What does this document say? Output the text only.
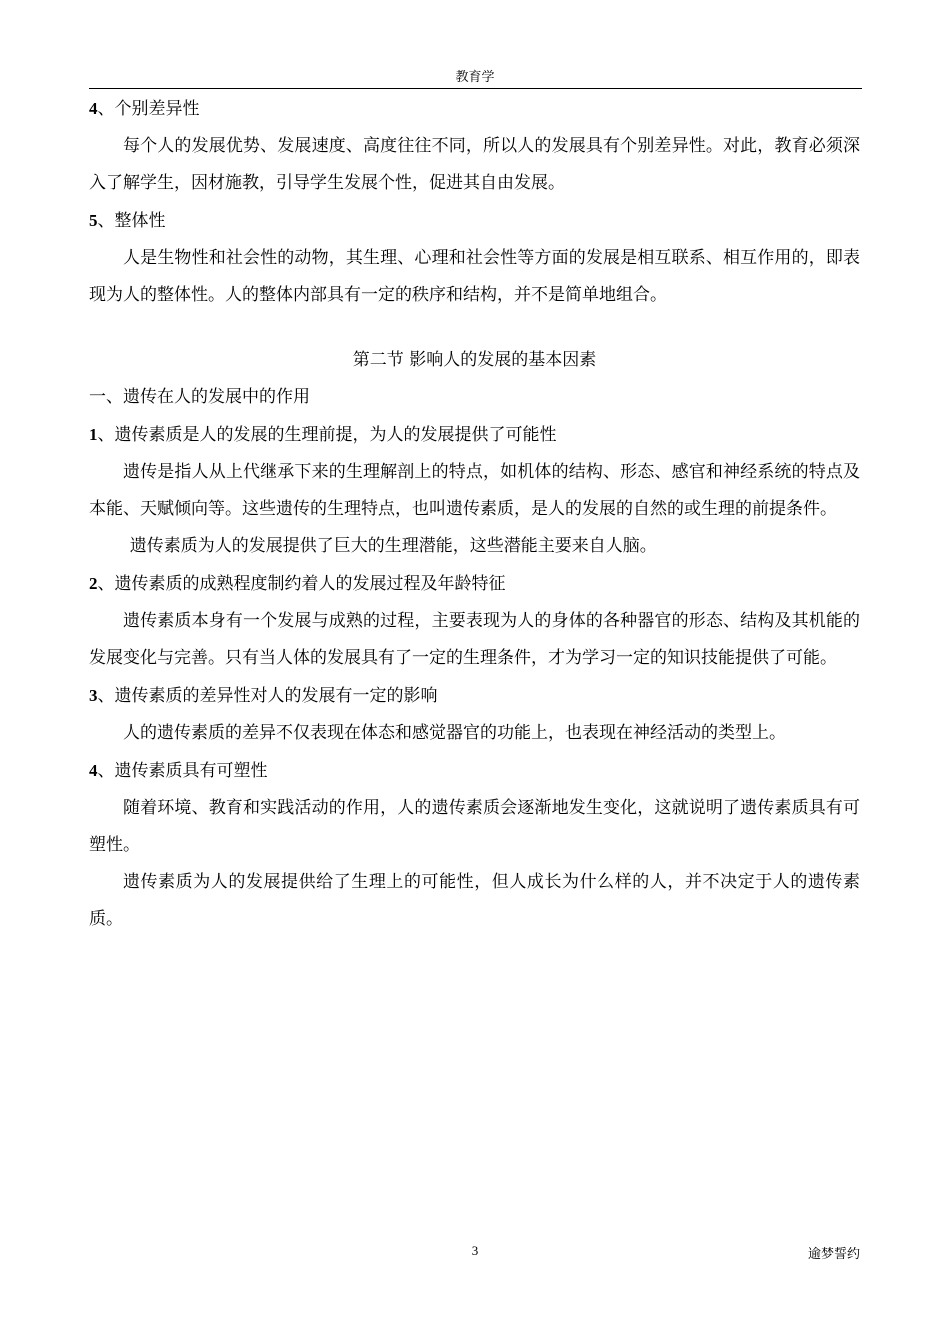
教育学

4、个别差异性

每个人的发展优势、发展速度、高度往往不同，所以人的发展具有个别差异性。对此，教育必须深入了解学生，因材施教，引导学生发展个性，促进其自由发展。

5、整体性

人是生物性和社会性的动物，其生理、心理和社会性等方面的发展是相互联系、相互作用的，即表现为人的整体性。人的整体内部具有一定的秩序和结构，并不是简单地组合。

第二节 影响人的发展的基本因素

一、遗传在人的发展中的作用

1、遗传素质是人的发展的生理前提，为人的发展提供了可能性

遗传是指人从上代继承下来的生理解剖上的特点，如机体的结构、形态、感官和神经系统的特点及本能、天赋倾向等。这些遗传的生理特点，也叫遗传素质，是人的发展的自然的或生理的前提条件。

遗传素质为人的发展提供了巨大的生理潜能，这些潜能主要来自人脑。

2、遗传素质的成熟程度制约着人的发展过程及年龄特征

遗传素质本身有一个发展与成熟的过程，主要表现为人的身体的各种器官的形态、结构及其机能的发展变化与完善。只有当人体的发展具有了一定的生理条件，才为学习一定的知识技能提供了可能。

3、遗传素质的差异性对人的发展有一定的影响

人的遗传素质的差异不仅表现在体态和感觉器官的功能上，也表现在神经活动的类型上。

4、遗传素质具有可塑性

随着环境、教育和实践活动的作用，人的遗传素质会逐渐地发生变化，这就说明了遗传素质具有可塑性。

遗传素质为人的发展提供给了生理上的可能性，但人成长为什么样的人，并不决定于人的遗传素质。

3	逾梦誓约
